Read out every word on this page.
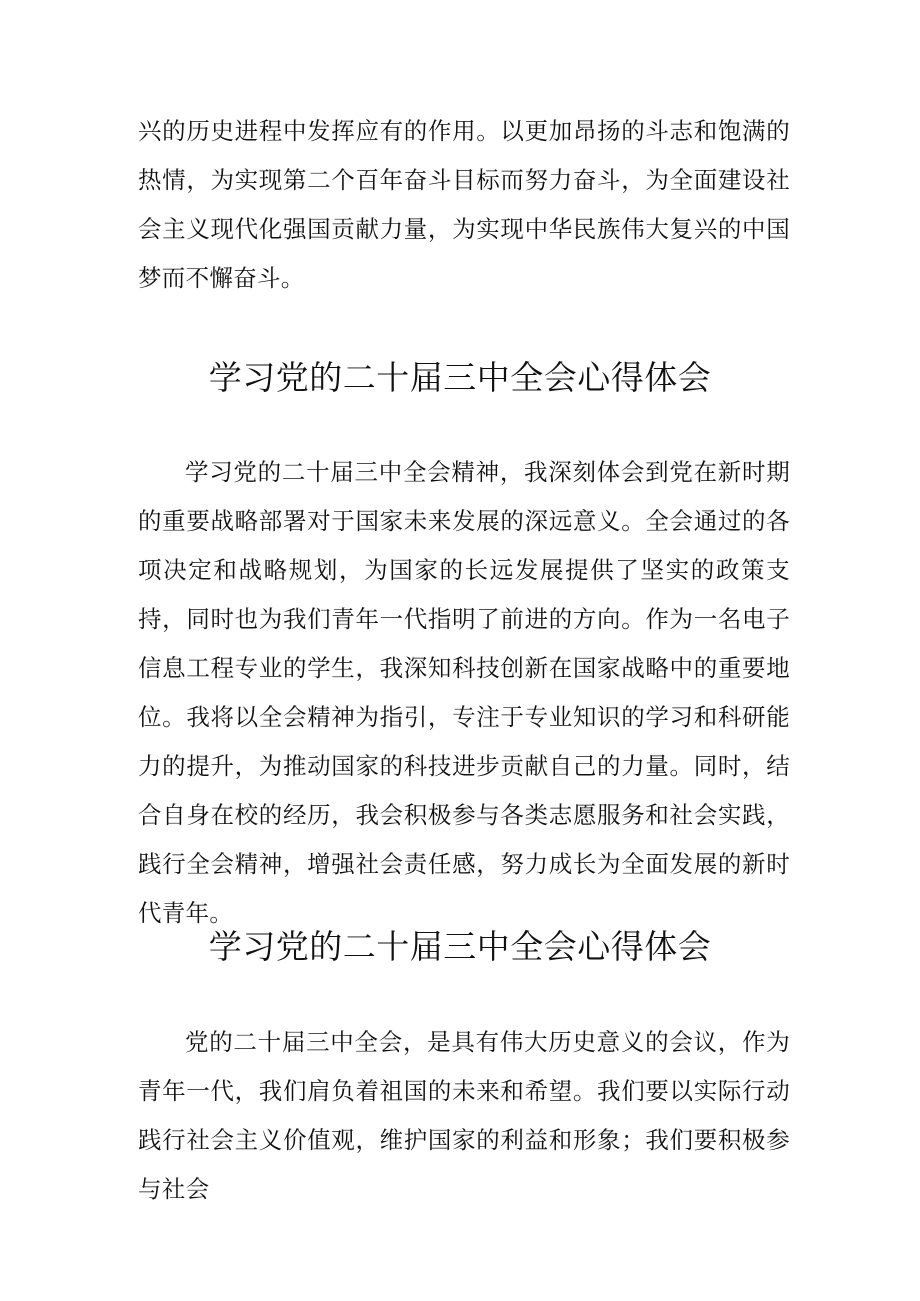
兴的历史进程中发挥应有的作用。以更加昂扬的斗志和饱满的热情，为实现第二个百年奋斗目标而努力奋斗，为全面建设社会主义现代化强国贡献力量，为实现中华民族伟大复兴的中国梦而不懈奋斗。

学习党的二十届三中全会心得体会

学习党的二十届三中全会精神，我深刻体会到党在新时期的重要战略部署对于国家未来发展的深远意义。全会通过的各项决定和战略规划，为国家的长远发展提供了坚实的政策支持，同时也为我们青年一代指明了前进的方向。作为一名电子信息工程专业的学生，我深知科技创新在国家战略中的重要地位。我将以全会精神为指引，专注于专业知识的学习和科研能力的提升，为推动国家的科技进步贡献自己的力量。同时，结合自身在校的经历，我会积极参与各类志愿服务和社会实践，践行全会精神，增强社会责任感，努力成长为全面发展的新时代青年。

学习党的二十届三中全会心得体会

党的二十届三中全会，是具有伟大历史意义的会议，作为青年一代，我们肩负着祖国的未来和希望。我们要以实际行动践行社会主义价值观，维护国家的利益和形象；我们要积极参与社会
